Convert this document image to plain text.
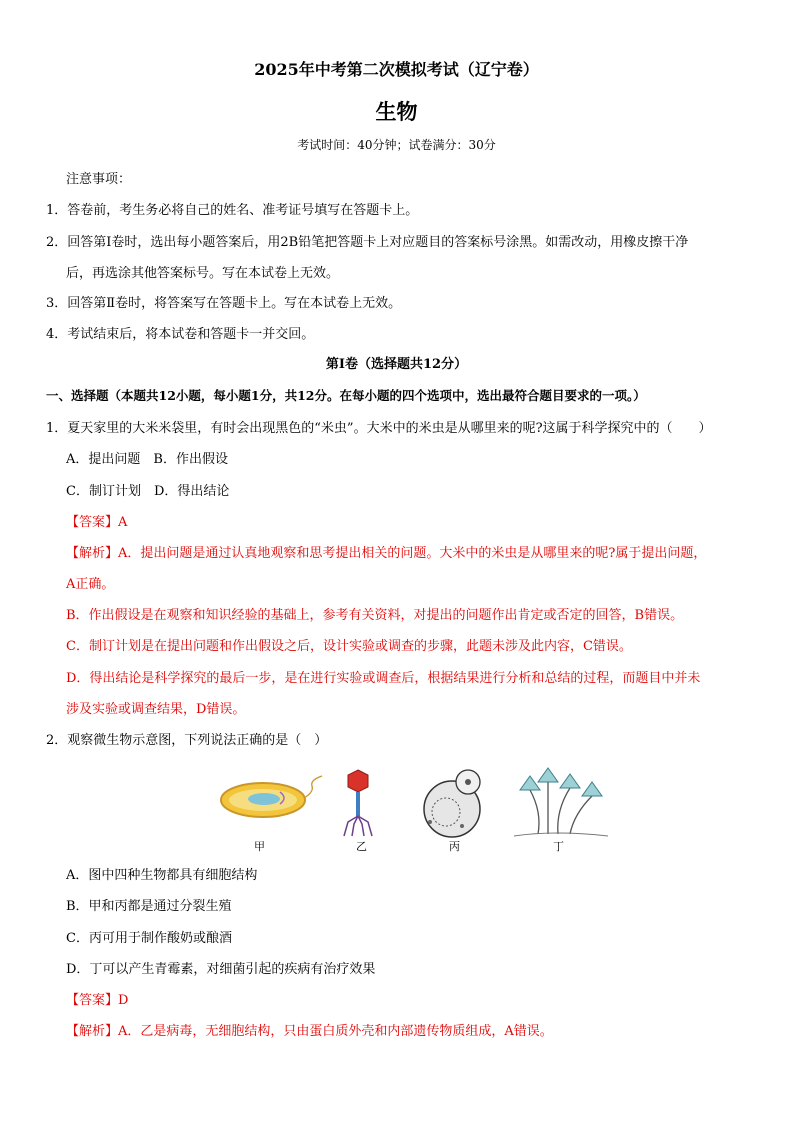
2025年中考第二次模拟考试（辽宁卷）
生物
考试时间：40分钟；试卷满分：30分
注意事项：
1．答卷前，考生务必将自己的姓名、准考证号填写在答题卡上。
2．回答第Ⅰ卷时，选出每小题答案后，用2B铅笔把答题卡上对应题目的答案标号涂黑。如需改动，用橡皮擦干净
后，再选涂其他答案标号。写在本试卷上无效。
3．回答第Ⅱ卷时，将答案写在答题卡上。写在本试卷上无效。
4．考试结束后，将本试卷和答题卡一并交回。
第Ⅰ卷（选择题共12分）
一、选择题（本题共12小题，每小题1分，共12分。在每小题的四个选项中，选出最符合题目要求的一项。）
1．夏天家里的大米米袋里，有时会出现黑色的“米虫”。大米中的米虫是从哪里来的呢?这属于科学探究中的（　　）
A．提出问题　B．作出假设
C．制订计划　D．得出结论
【答案】A
【解析】A．提出问题是通过认真地观察和思考提出相关的问题。大米中的米虫是从哪里来的呢?属于提出问题，
A正确。
B．作出假设是在观察和知识经验的基础上，参考有关资料，对提出的问题作出肯定或否定的回答，B错误。
C．制订计划是在提出问题和作出假设之后，设计实验或调查的步骤，此题未涉及此内容，C错误。
D．得出结论是科学探究的最后一步，是在进行实验或调查后，根据结果进行分析和总结的过程，而题目中并未
涉及实验或调查结果，D错误。
2．观察微生物示意图，下列说法正确的是（　）
甲	乙	丙	丁
A．图中四种生物都具有细胞结构
B．甲和丙都是通过分裂生殖
C．丙可用于制作酸奶或酿酒
D．丁可以产生青霉素，对细菌引起的疾病有治疗效果
【答案】D
【解析】A．乙是病毒，无细胞结构，只由蛋白质外壳和内部遗传物质组成，A错误。
